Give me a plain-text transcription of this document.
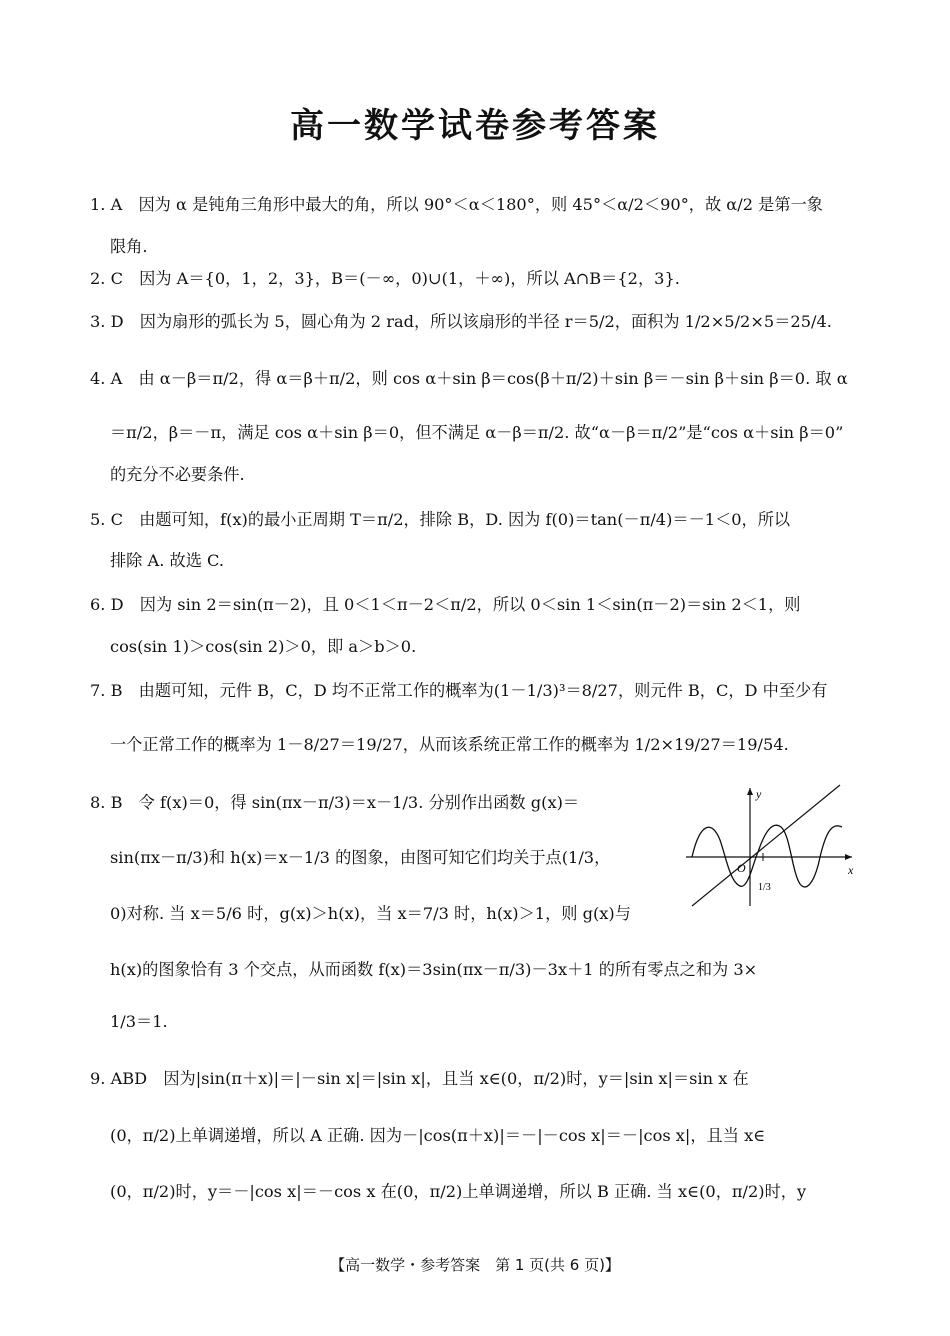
高一数学试卷参考答案
1. A　因为 α 是钝角三角形中最大的角，所以 90°＜α＜180°，则 45°＜α/2＜90°，故 α/2 是第一象
限角.
2. C　因为 A＝{0，1，2，3}，B＝(－∞，0)∪(1，＋∞)，所以 A∩B＝{2，3}.
3. D　因为扇形的弧长为 5，圆心角为 2 rad，所以该扇形的半径 r＝5/2，面积为 1/2×5/2×5＝25/4.
4. A　由 α－β＝π/2，得 α＝β＋π/2，则 cos α＋sin β＝cos(β＋π/2)＋sin β＝－sin β＋sin β＝0. 取 α
＝π/2，β＝－π，满足 cos α＋sin β＝0，但不满足 α－β＝π/2. 故“α－β＝π/2”是“cos α＋sin β＝0”
的充分不必要条件.
5. C　由题可知，f(x)的最小正周期 T＝π/2，排除 B，D. 因为 f(0)＝tan(－π/4)＝－1＜0，所以
排除 A. 故选 C.
6. D　因为 sin 2＝sin(π－2)，且 0＜1＜π－2＜π/2，所以 0＜sin 1＜sin(π－2)＝sin 2＜1，则
cos(sin 1)＞cos(sin 2)＞0，即 a＞b＞0.
7. B　由题可知，元件 B，C，D 均不正常工作的概率为(1－1/3)³＝8/27，则元件 B，C，D 中至少有
一个正常工作的概率为 1－8/27＝19/27，从而该系统正常工作的概率为 1/2×19/27＝19/54.
8. B　令 f(x)＝0，得 sin(πx－π/3)＝x－1/3. 分别作出函数 g(x)＝
sin(πx－π/3)和 h(x)＝x－1/3 的图象，由图可知它们均关于点(1/3，
0)对称. 当 x＝5/6 时，g(x)＞h(x)，当 x＝7/3 时，h(x)＞1，则 g(x)与
h(x)的图象恰有 3 个交点，从而函数 f(x)＝3sin(πx－π/3)－3x＋1 的所有零点之和为 3×
1/3＝1.
9. ABD　因为|sin(π＋x)|＝|－sin x|＝|sin x|，且当 x∈(0，π/2)时，y＝|sin x|＝sin x 在
(0，π/2)上单调递增，所以 A 正确. 因为－|cos(π＋x)|＝－|－cos x|＝－|cos x|，且当 x∈
(0，π/2)时，y＝－|cos x|＝－cos x 在(0，π/2)上单调递增，所以 B 正确. 当 x∈(0，π/2)时，y
y
x
O
1/3
【高一数学・参考答案　第 1 页(共 6 页)】
